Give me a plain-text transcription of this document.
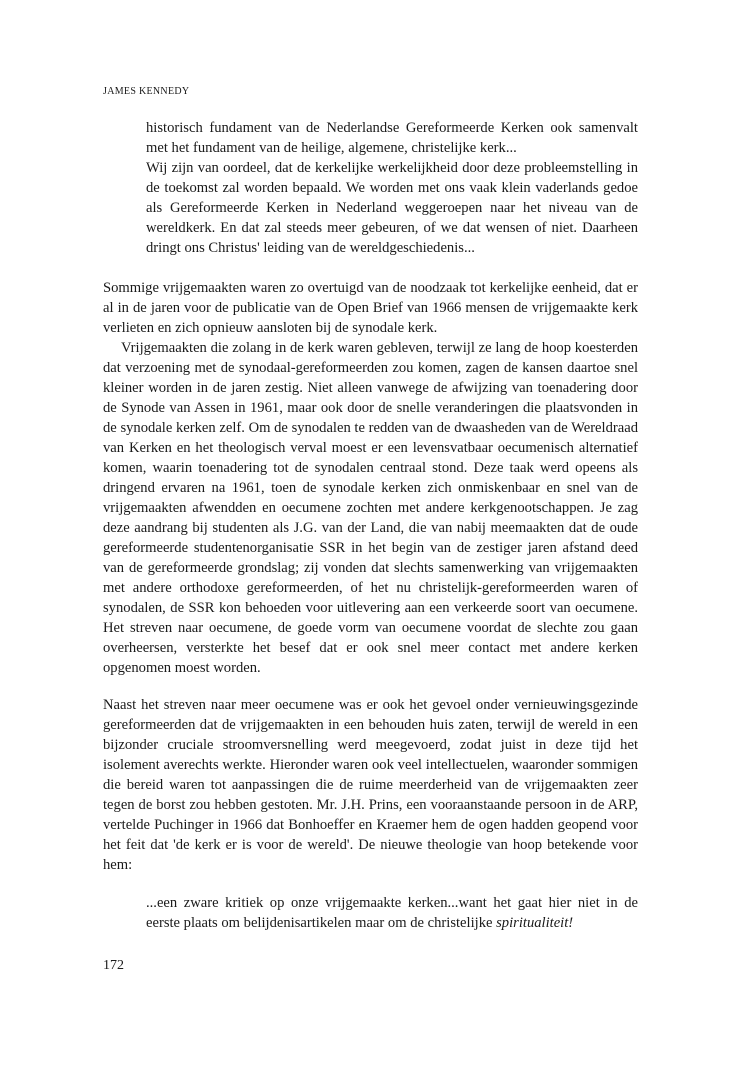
JAMES KENNEDY

historisch fundament van de Nederlandse Gereformeerde Kerken ook samenvalt met het fundament van de heilige, algemene, christelijke kerk...

Wij zijn van oordeel, dat de kerkelijke werkelijkheid door deze probleemstelling in de toekomst zal worden bepaald. We worden met ons vaak klein vaderlands gedoe als Gereformeerde Kerken in Nederland weggeroepen naar het niveau van de wereldkerk. En dat zal steeds meer gebeuren, of we dat wensen of niet. Daarheen dringt ons Christus' leiding van de wereldgeschiedenis...

Sommige vrijgemaakten waren zo overtuigd van de noodzaak tot kerkelijke eenheid, dat er al in de jaren voor de publicatie van de Open Brief van 1966 mensen de vrijgemaakte kerk verlieten en zich opnieuw aansloten bij de synodale kerk.

Vrijgemaakten die zolang in de kerk waren gebleven, terwijl ze lang de hoop koesterden dat verzoening met de synodaal-gereformeerden zou komen, zagen de kansen daartoe snel kleiner worden in de jaren zestig. Niet alleen vanwege de afwijzing van toenadering door de Synode van Assen in 1961, maar ook door de snelle veranderingen die plaatsvonden in de synodale kerken zelf. Om de synodalen te redden van de dwaasheden van de Wereldraad van Kerken en het theologisch verval moest er een levensvatbaar oecumenisch alternatief komen, waarin toenadering tot de synodalen centraal stond. Deze taak werd opeens als dringend ervaren na 1961, toen de synodale kerken zich onmiskenbaar en snel van de vrijgemaakten afwendden en oecumene zochten met andere kerkgenootschappen. Je zag deze aandrang bij studenten als J.G. van der Land, die van nabij meemaakten dat de oude gereformeerde studentenorganisatie SSR in het begin van de zestiger jaren afstand deed van de gereformeerde grondslag; zij vonden dat slechts samenwerking van vrijgemaakten met andere orthodoxe gereformeerden, of het nu christelijk-gereformeerden waren of synodalen, de SSR kon behoeden voor uitlevering aan een verkeerde soort van oecumene. Het streven naar oecumene, de goede vorm van oecumene voordat de slechte zou gaan overheersen, versterkte het besef dat er ook snel meer contact met andere kerken opgenomen moest worden.

Naast het streven naar meer oecumene was er ook het gevoel onder vernieuwingsgezinde gereformeerden dat de vrijgemaakten in een behouden huis zaten, terwijl de wereld in een bijzonder cruciale stroomversnelling werd meegevoerd, zodat juist in deze tijd het isolement averechts werkte. Hieronder waren ook veel intellectuelen, waaronder sommigen die bereid waren tot aanpassingen die de ruime meerderheid van de vrijgemaakten zeer tegen de borst zou hebben gestoten. Mr. J.H. Prins, een vooraanstaande persoon in de ARP, vertelde Puchinger in 1966 dat Bonhoeffer en Kraemer hem de ogen hadden geopend voor het feit dat 'de kerk er is voor de wereld'. De nieuwe theologie van hoop betekende voor hem:

...een zware kritiek op onze vrijgemaakte kerken...want het gaat hier niet in de eerste plaats om belijdenisartikelen maar om de christelijke spiritualiteit!

172
